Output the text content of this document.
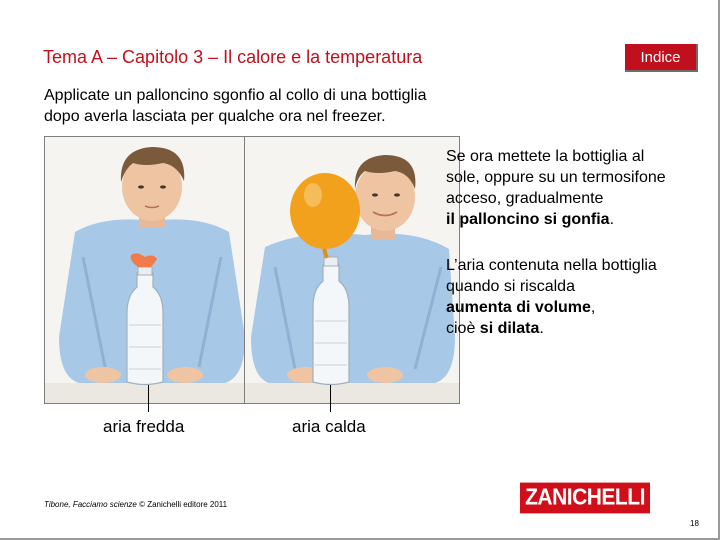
Tema A – Capitolo 3 – Il calore e la temperatura	Indice
Applicate un palloncino sgonfio al collo di una bottiglia
dopo averla lasciata per qualche ora nel freezer.
Se ora mettete la bottiglia al
sole, oppure su un termosifone
acceso, gradualmente
il palloncino si gonfia.
L’aria contenuta nella bottiglia
quando si riscalda
aumenta di volume,
cioè si dilata.
aria fredda	aria calda
Tibone, Facciamo scienze © Zanichelli editore 2011	ZANICHELLI
18
